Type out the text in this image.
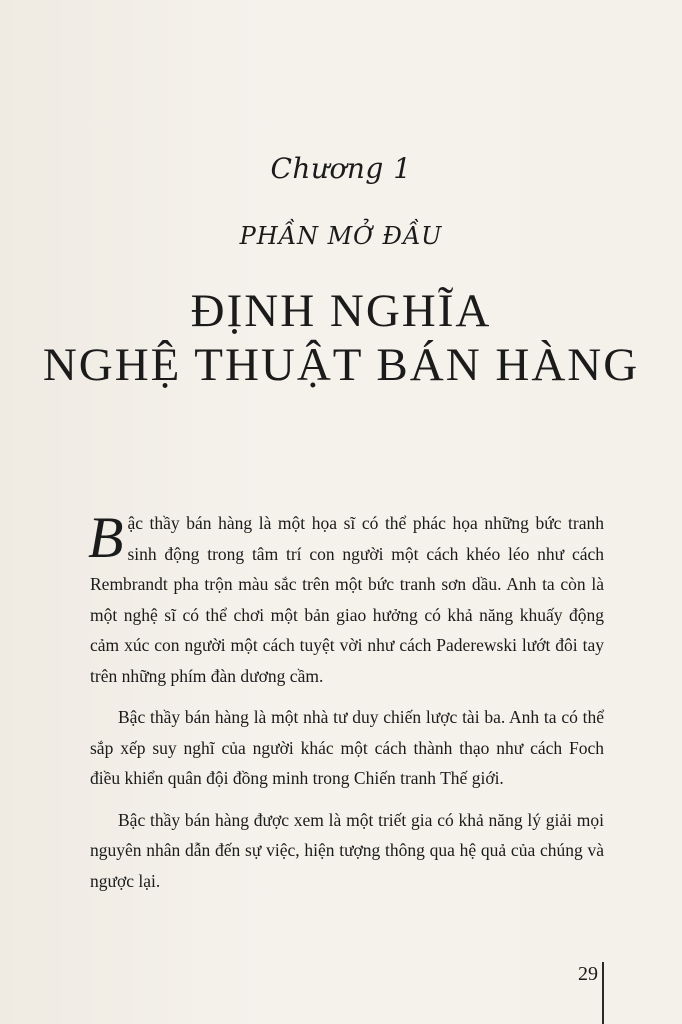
Chương 1
PHẦN MỞ ĐẦU
ĐỊNH NGHĨA
NGHỆ THUẬT BÁN HÀNG

Bậc thầy bán hàng là một họa sĩ có thể phác họa những bức tranh sinh động trong tâm trí con người một cách khéo léo như cách Rembrandt pha trộn màu sắc trên một bức tranh sơn dầu. Anh ta còn là một nghệ sĩ có thể chơi một bản giao hưởng có khả năng khuấy động cảm xúc con người một cách tuyệt vời như cách Paderewski lướt đôi tay trên những phím đàn dương cầm.

Bậc thầy bán hàng là một nhà tư duy chiến lược tài ba. Anh ta có thể sắp xếp suy nghĩ của người khác một cách thành thạo như cách Foch điều khiển quân đội đồng minh trong Chiến tranh Thế giới.

Bậc thầy bán hàng được xem là một triết gia có khả năng lý giải mọi nguyên nhân dẫn đến sự việc, hiện tượng thông qua hệ quả của chúng và ngược lại.

29
